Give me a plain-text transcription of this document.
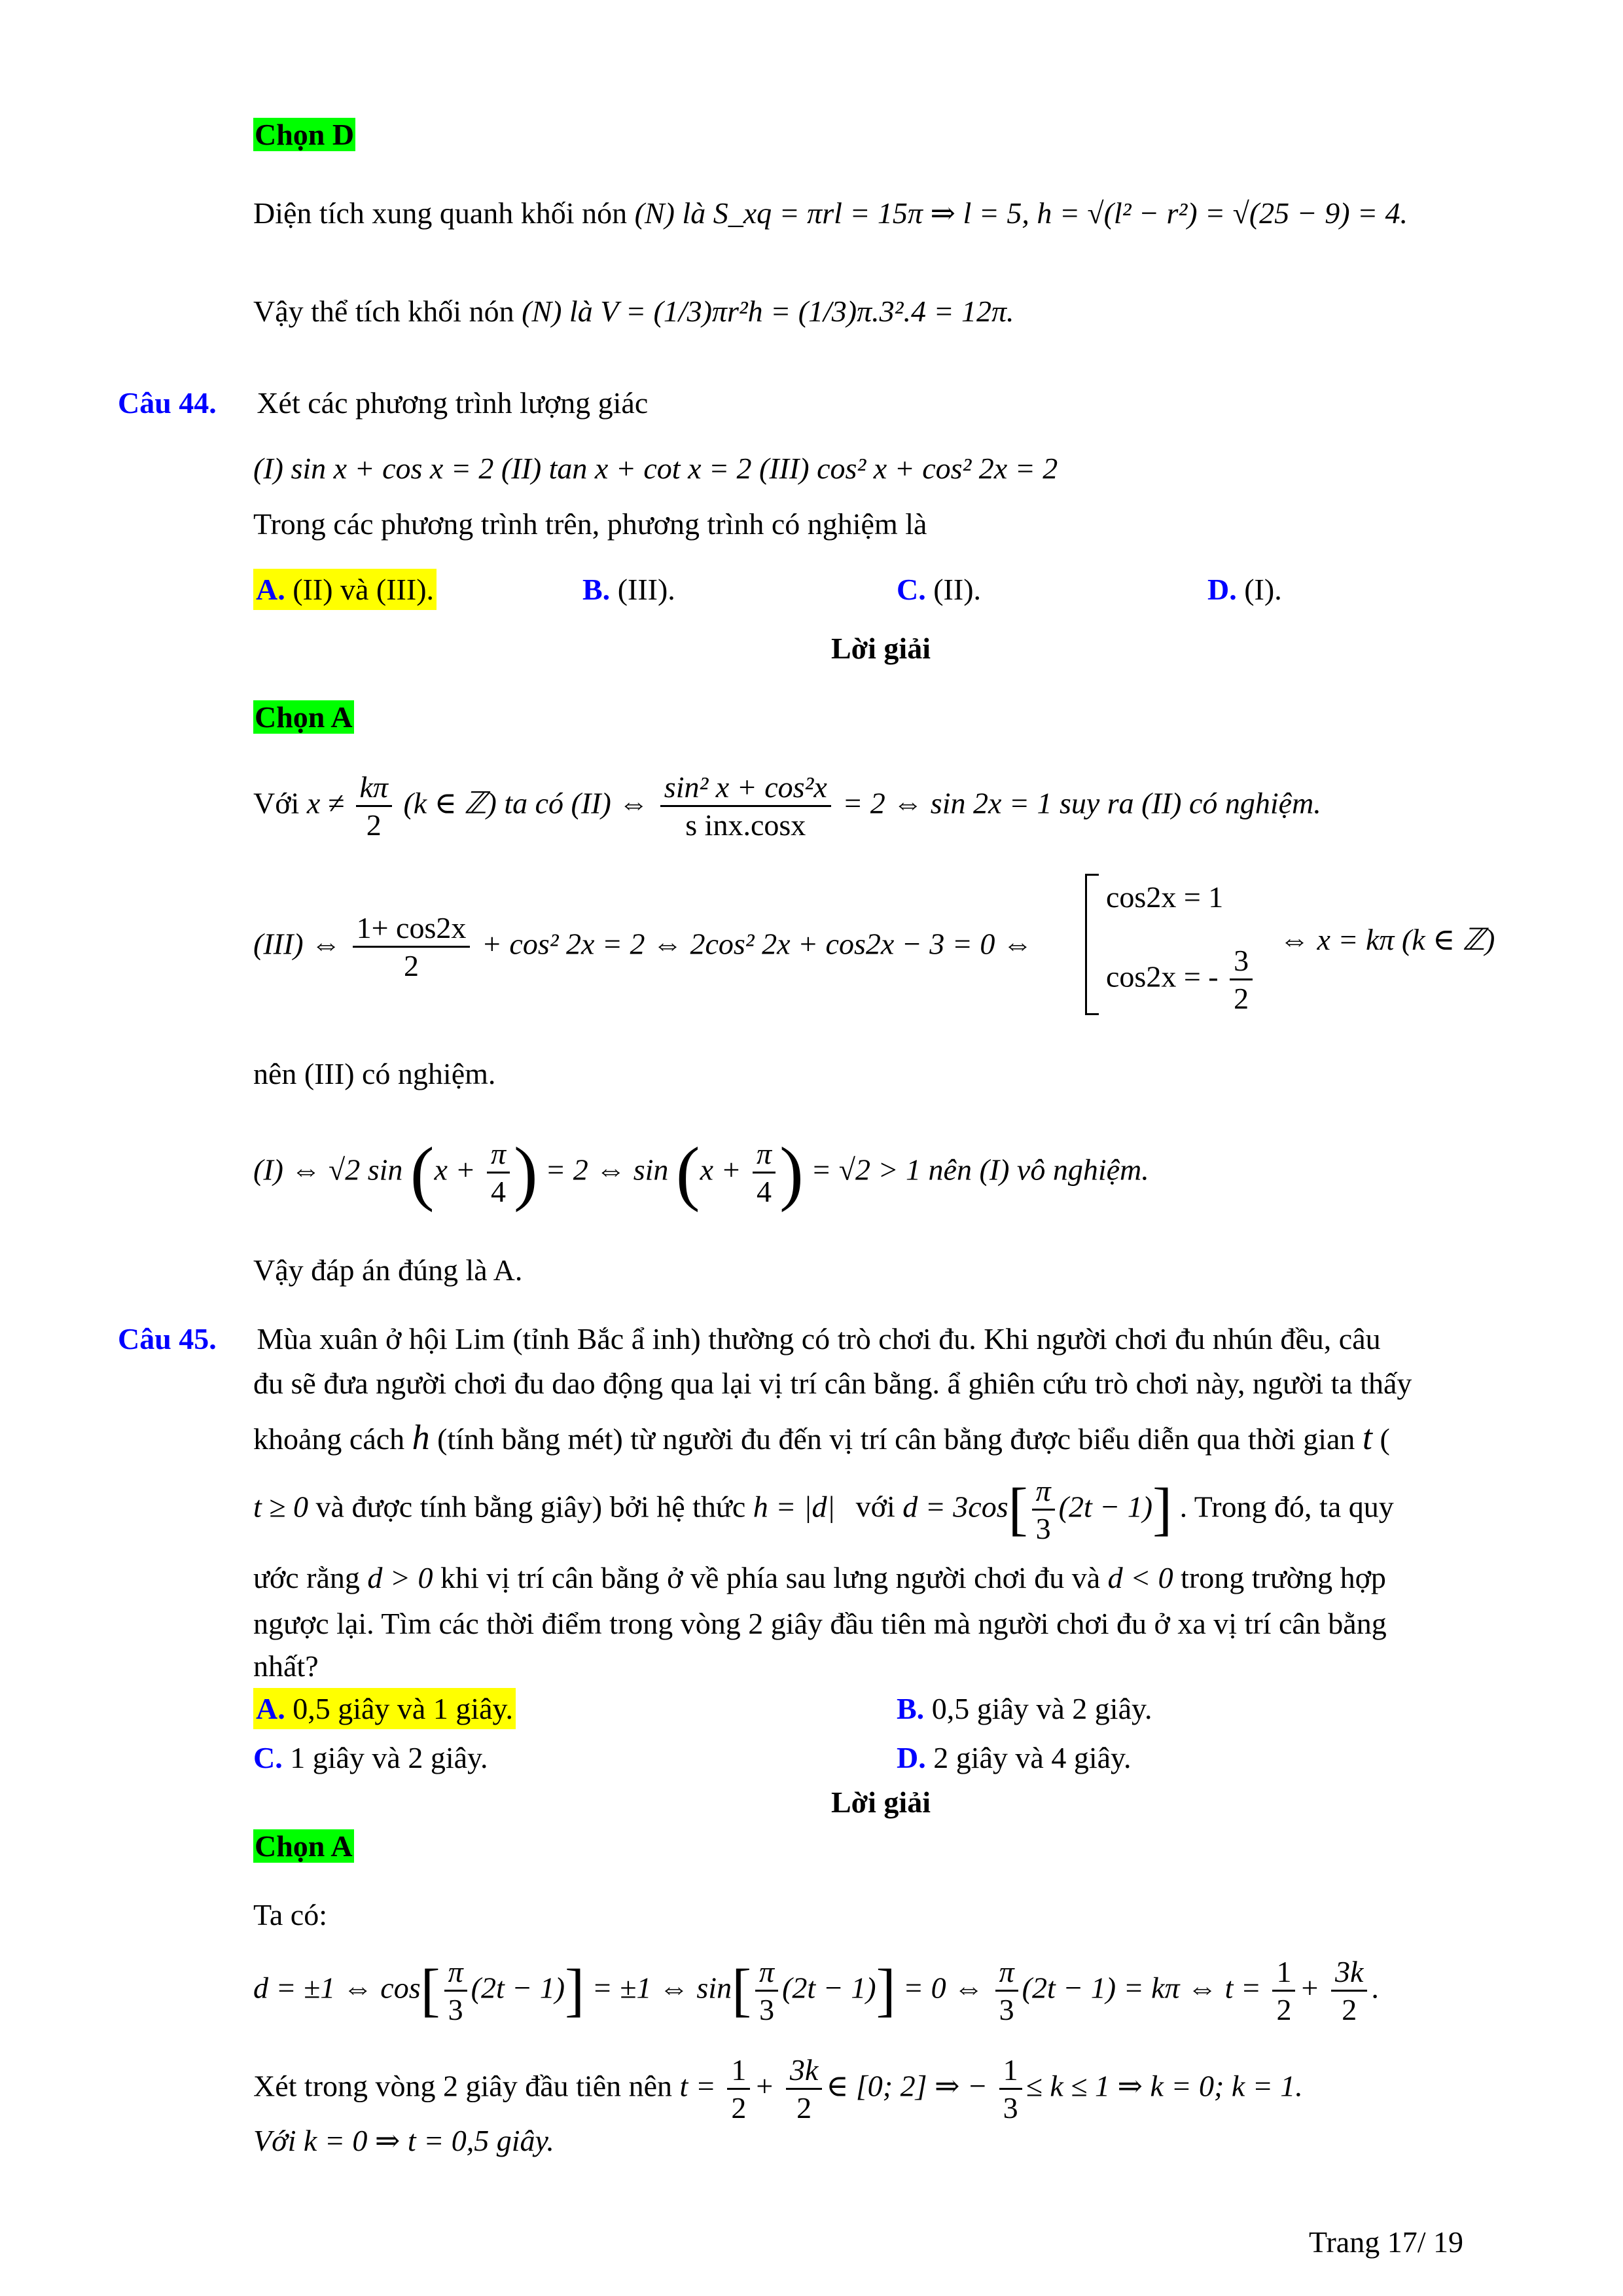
Chọn D
Diện tích xung quanh khối nón (N) là S_xq = πrl = 15π ⇒ l = 5, h = √(l² − r²) = √(25 − 9) = 4.
Vậy thể tích khối nón (N) là V = (1/3)πr²h = (1/3)π.3².4 = 12π.
Câu 44. Xét các phương trình lượng giác
(I) sin x + cos x = 2 (II) tan x + cot x = 2 (III) cos² x + cos² 2x = 2
Trong các phương trình trên, phương trình có nghiệm là
A. (II) và (III).	B. (III).	C. (II).	D. (I).
Lời giải
Chọn A
Với $x \ne \frac{k\pi}{2} (k$ ∈ ℤ) ta có (II) ⇔ $\frac{\text{sin² x + cos²x}}{\text{s inx.cosx}} = 2$ ⇔ sin 2x = 1 suy ra (II) có nghiệm.
(III) ⇔ $\frac{1+ \cos 2x}{2} + \cos^2$ 2x = 2 ⇔ 2cos² 2x + cos2x − 3 = 0 ⇔
cos2x = 1
cos2x = - $\frac{3}{2}$
⇔ x = kπ (k ∈ ℤ)
nên (III) có nghiệm.
(I) ⇔ √2 $\sin (x + \frac{\pi}{4}$ ) = 2 ⇔ $\sin (x + \frac{\pi}{4}$ ) = √2 > 1 nên (I) vô nghiệm.
Vậy đáp án đúng là A.
Câu 45. Mùa xuân ở hội Lim (tỉnh Bắc ẩ inh) thường có trò chơi đu. Khi người chơi đu nhún đều, câu
đu sẽ đưa người chơi đu dao động qua lại vị trí cân bằng. ẩ ghiên cứu trò chơi này, người ta thấy
khoảng cách h (tính bằng mét) từ người đu đến vị trí cân bằng được biểu diễn qua thời gian t (
t ≥ 0 và được tính bằng giây) bởi hệ thức h = |d| với $d = 3\cos[ \frac{\pi}{3} (2t - 1)]$ . Trong đó, ta quy
ước rằng d > 0 khi vị trí cân bằng ở về phía sau lưng người chơi đu và d < 0 trong trường hợp
ngược lại. Tìm các thời điểm trong vòng 2 giây đầu tiên mà người chơi đu ở xa vị trí cân bằng
nhất?
A. 0,5 giây và 1 giây.	B. 0,5 giây và 2 giây.
C. 1 giây và 2 giây.	D. 2 giây và 4 giây.
Lời giải
Chọn A
Ta có:
d = ±1 ⇔ $\cos[ \frac{\pi}{3} (2t - 1)] = \pm 1$ ⇔ $\sin[ \frac{\pi}{3} (2t - 1)] = 0$ ⇔ $\frac{\pi}{3} (2t - 1) = k\pi$ ⇔ $t = \frac{1}{2} + \frac{3k}{2}$ .
Xét trong vòng 2 giây đầu tiên nên $t = \frac{1}{2} + \frac{3k}{2}$ ∈ [0; 2] ⇒ − $\frac{1}{3} \le k \le 1$ ⇒ k = 0; k = 1.
Với k = 0 ⇒ t = 0,5 giây.
Trang 17/ 19
